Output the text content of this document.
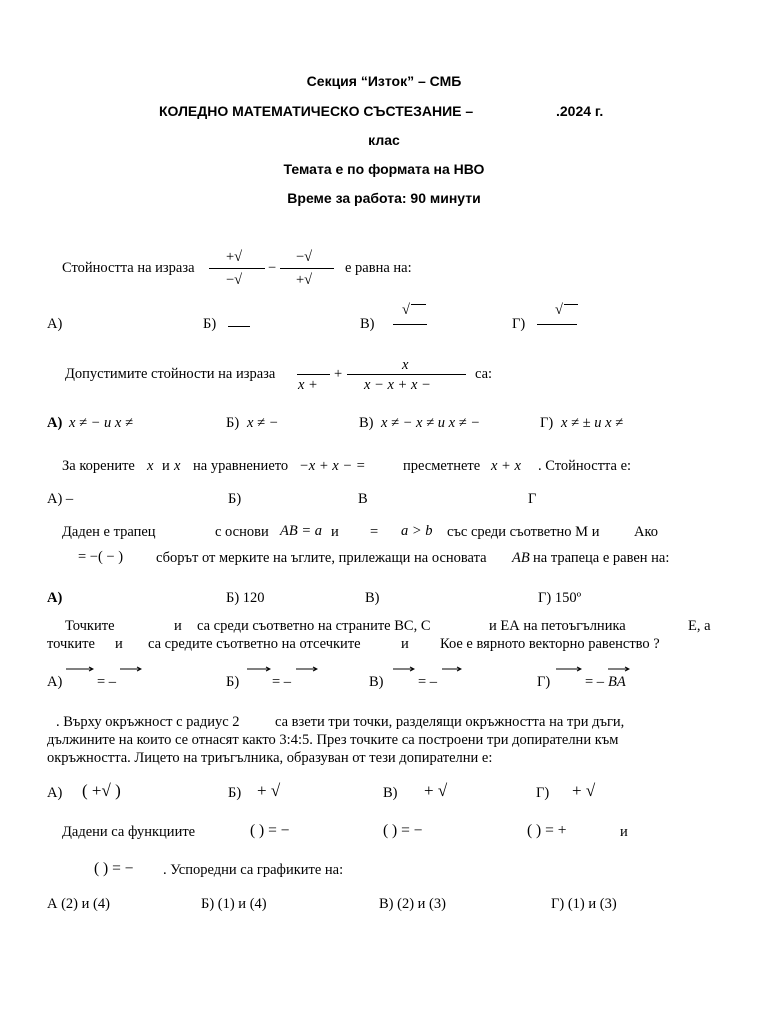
Секция “Изток” – СМБ
КОЛЕДНО МАТЕМАТИЧЕСКО СЪСТЕЗАНИЕ –	.2024 г.
клас
Темата е по формата на НВО
Време за работа: 90 минути
Стойността на израза
+√
−√
−
−√
+√
е равна на:
А)	Б)	В)
√
Г)
√
Допустимите стойности на израза
x +
+
x
x − x + x −
са:
А) x ≠ − и x ≠	Б) x ≠ −	В) x ≠ − x ≠ и x ≠ −	Г) x ≠ ± и x ≠
За корените x и x на уравнението −x + x − =	пресметнете x + x . Стойността е:
А) –	Б)	В	Г
Даден е трапец	с основи AB = a и = a > b със среди съответно М и Ако
= −( − ) сборът от мерките на ъглите, прилежащи на основата AB на трапеца е равен на:
А)	Б) 120	В)	Г) 150º
Точките	и са среди съответно на страните ВС, С	и ЕА на петоъгълника	Е, а
точките и са средите съответно на отсечките	и Кое е вярното векторно равенство ?
А) = –	Б) = –	В) = –	Г) = – BA
. Върху окръжност с радиус 2 са взети три точки, разделящи окръжността на три дъги,
дължините на които се отнасят както 3:4:5. През точките са построени три допирателни към
окръжността. Лицето на триъгълника, образуван от тези допирателни е:
А) ( +√ )	Б) + √	В) + √	Г) + √
Дадени са функциите	( ) = −	( ) = −	( ) = +	и
( ) = − . Успоредни са графиките на:
А (2) и (4)	Б) (1) и (4)	В) (2) и (3)	Г) (1) и (3)
